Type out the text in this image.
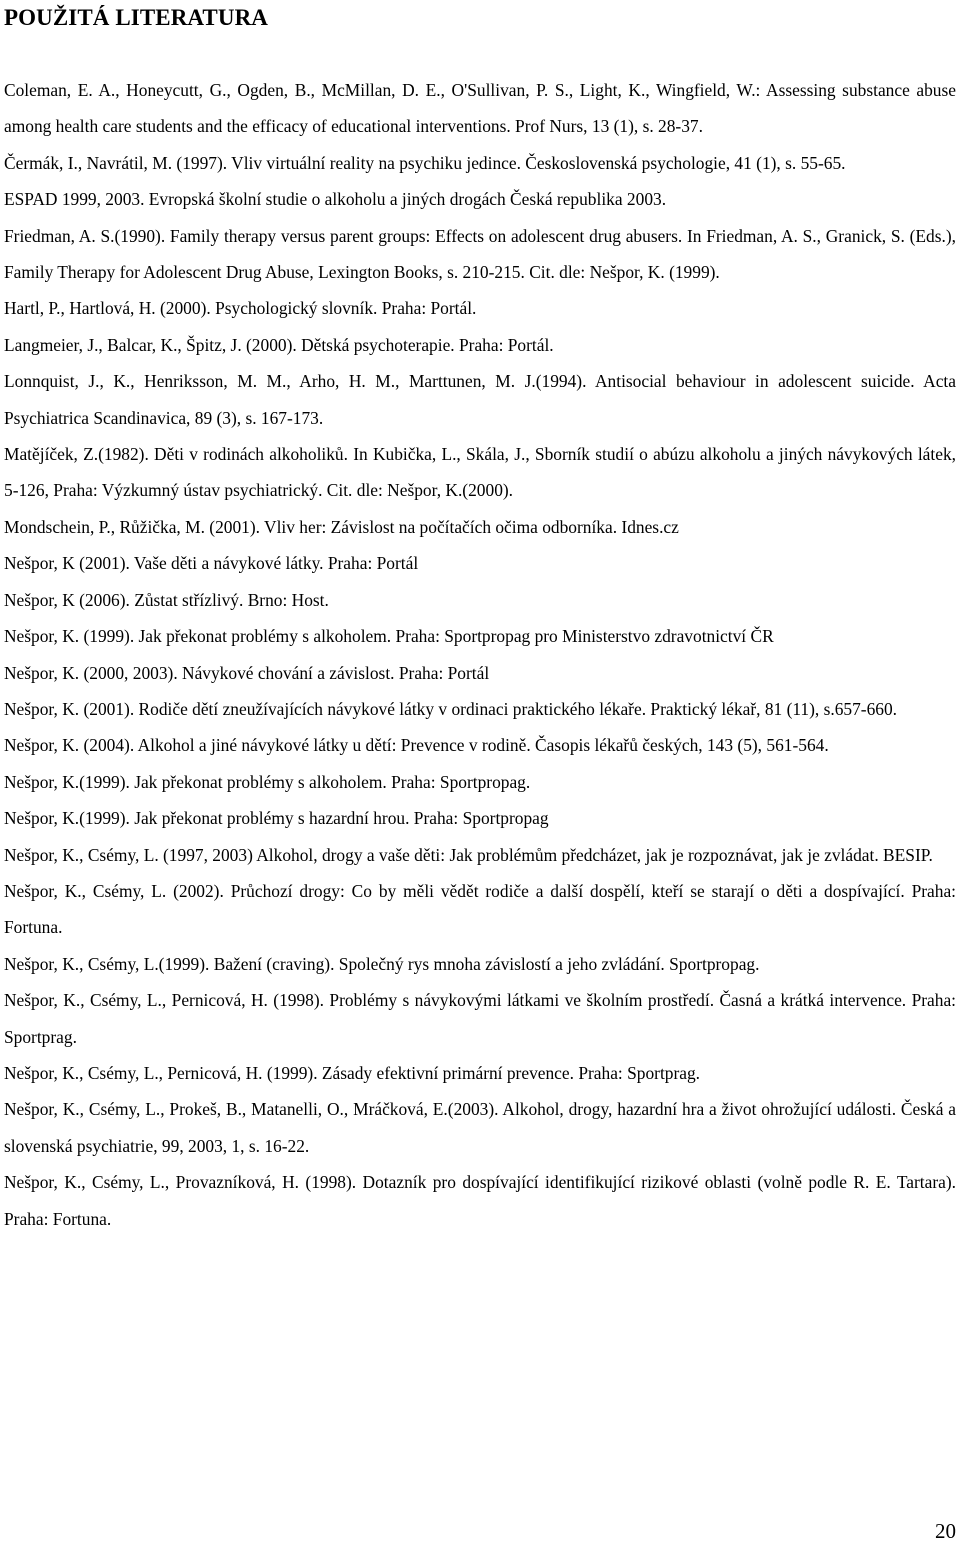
POUŽITÁ LITERATURA

Coleman, E. A., Honeycutt, G., Ogden, B., McMillan, D. E., O'Sullivan, P. S., Light, K., Wingfield, W.: Assessing substance abuse among health care students and the efficacy of educational interventions. Prof Nurs, 13 (1), s. 28-37.

Čermák, I., Navrátil, M. (1997). Vliv virtuální reality na psychiku jedince. Československá psychologie, 41 (1), s. 55-65.

ESPAD 1999, 2003. Evropská školní studie o alkoholu a jiných drogách Česká republika 2003.

Friedman, A. S.(1990). Family therapy versus parent groups: Effects on adolescent drug abusers. In Friedman, A. S., Granick, S. (Eds.), Family Therapy for Adolescent Drug Abuse, Lexington Books, s. 210-215. Cit. dle: Nešpor, K. (1999).

Hartl, P., Hartlová, H. (2000). Psychologický slovník. Praha: Portál.

Langmeier, J., Balcar, K., Špitz, J. (2000). Dětská psychoterapie. Praha: Portál.

Lonnquist, J., K., Henriksson, M. M., Arho, H. M., Marttunen, M. J.(1994). Antisocial behaviour in adolescent suicide. Acta Psychiatrica Scandinavica, 89 (3), s. 167-173.

Matějíček, Z.(1982). Děti v rodinách alkoholiků. In Kubička, L., Skála, J., Sborník studií o abúzu alkoholu a jiných návykových látek, 5-126, Praha: Výzkumný ústav psychiatrický. Cit. dle: Nešpor, K.(2000).

Mondschein, P., Růžička, M. (2001). Vliv her: Závislost na počítačích očima odborníka. Idnes.cz

Nešpor, K (2001). Vaše děti a návykové látky. Praha: Portál

Nešpor, K (2006). Zůstat střízlivý. Brno: Host.

Nešpor, K. (1999). Jak překonat problémy s alkoholem. Praha: Sportpropag pro Ministerstvo zdravotnictví ČR

Nešpor, K. (2000, 2003). Návykové chování a závislost. Praha: Portál

Nešpor, K. (2001). Rodiče dětí zneužívajících návykové látky v ordinaci praktického lékaře. Praktický lékař, 81 (11), s.657-660.

Nešpor, K. (2004). Alkohol a jiné návykové látky u dětí: Prevence v rodině. Časopis lékařů českých, 143 (5), 561-564.

Nešpor, K.(1999). Jak překonat problémy s alkoholem. Praha: Sportpropag.

Nešpor, K.(1999). Jak překonat problémy s hazardní hrou. Praha: Sportpropag

Nešpor, K., Csémy, L. (1997, 2003) Alkohol, drogy a vaše děti: Jak problémům předcházet, jak je rozpoznávat, jak je zvládat. BESIP.

Nešpor, K., Csémy, L. (2002). Průchozí drogy: Co by měli vědět rodiče a další dospělí, kteří se starají o děti a dospívající. Praha: Fortuna.

Nešpor, K., Csémy, L.(1999). Bažení (craving). Společný rys mnoha závislostí a jeho zvládání. Sportpropag.

Nešpor, K., Csémy, L., Pernicová, H. (1998). Problémy s návykovými látkami ve školním prostředí. Časná a krátká intervence. Praha: Sportprag.

Nešpor, K., Csémy, L., Pernicová, H. (1999). Zásady efektivní primární prevence. Praha: Sportprag.

Nešpor, K., Csémy, L., Prokeš, B., Matanelli, O., Mráčková, E.(2003). Alkohol, drogy, hazardní hra a život ohrožující události. Česká a slovenská psychiatrie, 99, 2003, 1, s. 16-22.

Nešpor, K., Csémy, L., Provazníková, H. (1998). Dotazník pro dospívající identifikující rizikové oblasti (volně podle R. E. Tartara). Praha: Fortuna.

20
